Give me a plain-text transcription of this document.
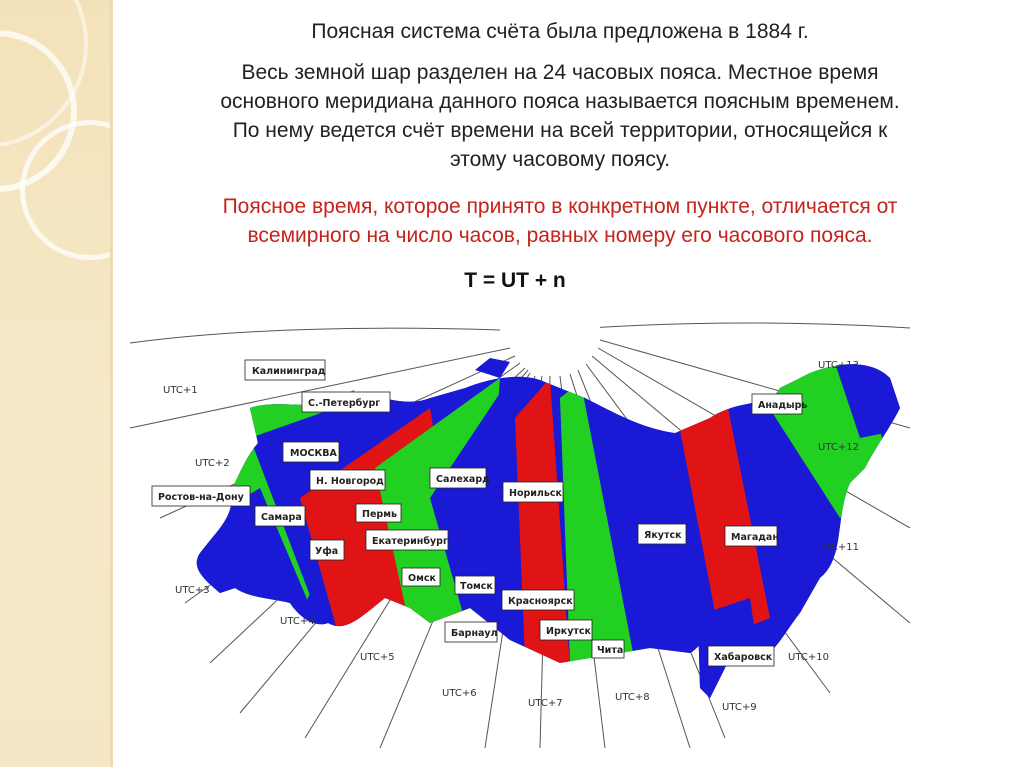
Поясная система счёта была предложена в 1884 г.
Весь земной шар разделен на 24 часовых пояса. Местное время
основного меридиана данного пояса называется поясным временем.
По нему ведется счёт времени на всей территории, относящейся к
этому часовому поясу.
Поясное время, которое принято в конкретном пункте, отличается от
всемирного на число часов, равных номеру его часового пояса.
T = UT + n
UTC+1
UTC+2
UTC+3
UTC+4
UTC+5
UTC+6
UTC+7
UTC+8
UTC+9
UTC+10
UTC+11
UTC+12
UTC+13
Калининград
С.-Петербург
МОСКВА
Н. Новгород
Ростов-на-Дону
Самара	Пермь
Уфа
Екатеринбург
Салехард
Омск
Томск
Норильск
Красноярск
Барнаул	Иркутск
Чита
Якутск	Магадан
Хабаровск
Анадырь
